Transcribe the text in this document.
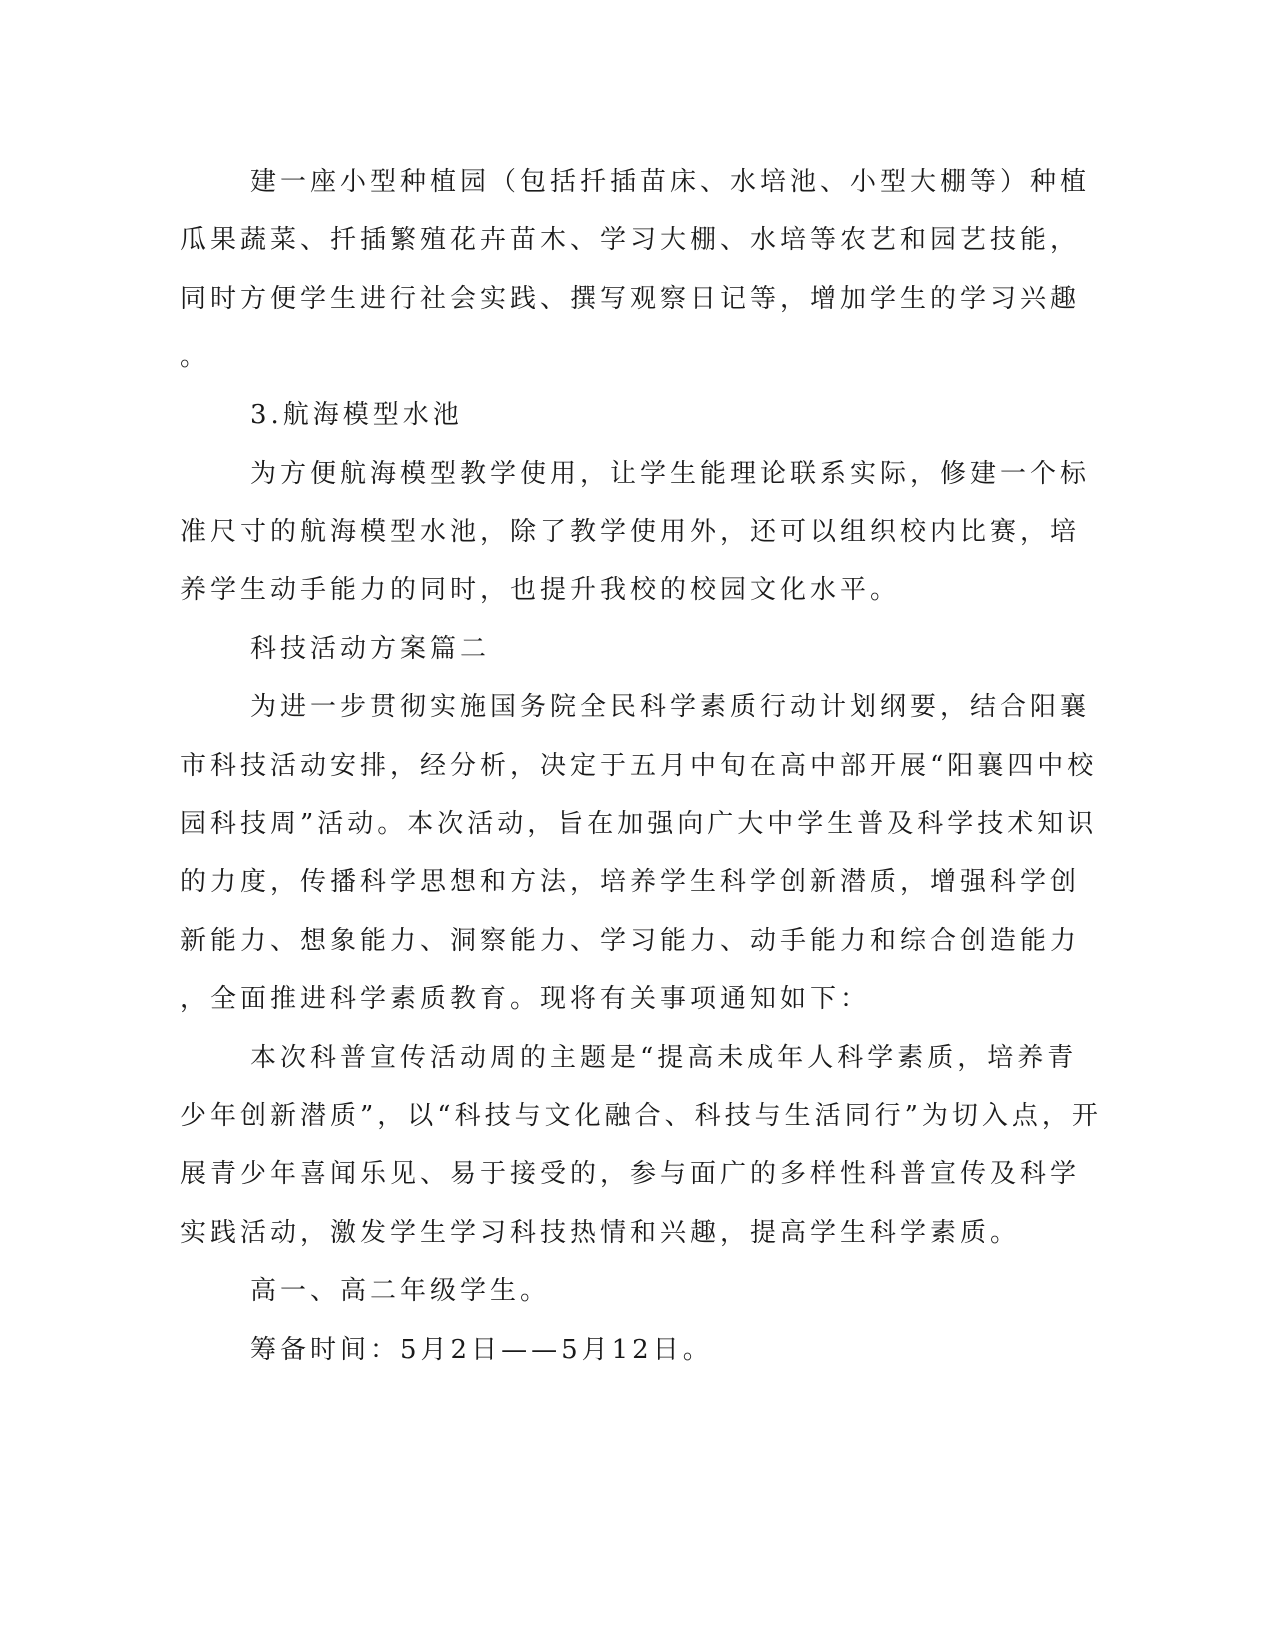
建一座小型种植园（包括扦插苗床、水培池、小型大棚等）种植
瓜果蔬菜、扦插繁殖花卉苗木、学习大棚、水培等农艺和园艺技能，
同时方便学生进行社会实践、撰写观察日记等，增加学生的学习兴趣
。
3.航海模型水池
为方便航海模型教学使用，让学生能理论联系实际，修建一个标
准尺寸的航海模型水池，除了教学使用外，还可以组织校内比赛，培
养学生动手能力的同时，也提升我校的校园文化水平。
科技活动方案篇二
为进一步贯彻实施国务院全民科学素质行动计划纲要，结合阳襄
市科技活动安排，经分析，决定于五月中旬在高中部开展“阳襄四中校
园科技周”活动。本次活动，旨在加强向广大中学生普及科学技术知识
的力度，传播科学思想和方法，培养学生科学创新潜质，增强科学创
新能力、想象能力、洞察能力、学习能力、动手能力和综合创造能力
，全面推进科学素质教育。现将有关事项通知如下：
本次科普宣传活动周的主题是“提高未成年人科学素质，培养青
少年创新潜质”，以“科技与文化融合、科技与生活同行”为切入点，开
展青少年喜闻乐见、易于接受的，参与面广的多样性科普宣传及科学
实践活动，激发学生学习科技热情和兴趣，提高学生科学素质。
高一、高二年级学生。
筹备时间：5月2日——5月12日。
